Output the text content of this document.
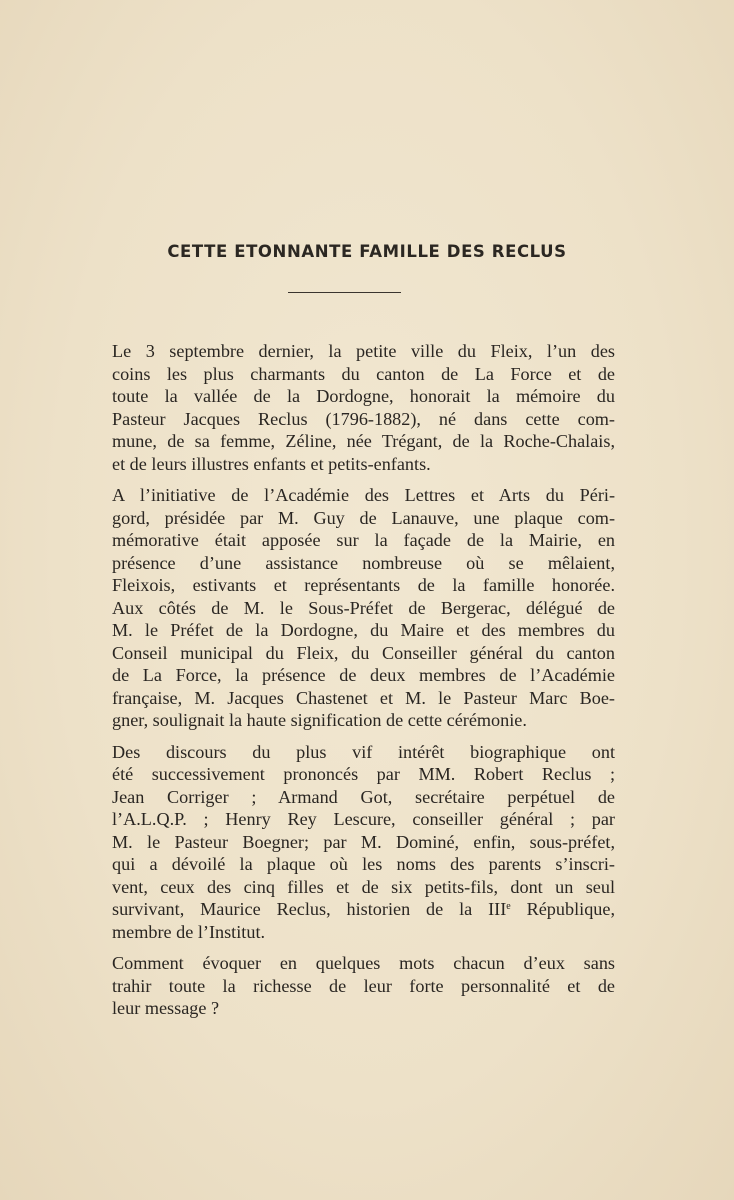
CETTE ETONNANTE FAMILLE DES RECLUS

Le 3 septembre dernier, la petite ville du Fleix, l’un des
coins les plus charmants du canton de La Force et de
toute la vallée de la Dordogne, honorait la mémoire du
Pasteur Jacques Reclus (1796-1882), né dans cette com-
mune, de sa femme, Zéline, née Trégant, de la Roche-Chalais,
et de leurs illustres enfants et petits-enfants.

A l’initiative de l’Académie des Lettres et Arts du Péri-
gord, présidée par M. Guy de Lanauve, une plaque com-
mémorative était apposée sur la façade de la Mairie, en
présence d’une assistance nombreuse où se mêlaient,
Fleixois, estivants et représentants de la famille honorée.
Aux côtés de M. le Sous-Préfet de Bergerac, délégué de
M. le Préfet de la Dordogne, du Maire et des membres du
Conseil municipal du Fleix, du Conseiller général du canton
de La Force, la présence de deux membres de l’Académie
française, M. Jacques Chastenet et M. le Pasteur Marc Boe-
gner, soulignait la haute signification de cette cérémonie.

Des discours du plus vif intérêt biographique ont
été successivement prononcés par MM. Robert Reclus ;
Jean Corriger ; Armand Got, secrétaire perpétuel de
l’A.L.Q.P. ; Henry Rey Lescure, conseiller général ; par
M. le Pasteur Boegner; par M. Dominé, enfin, sous-préfet,
qui a dévoilé la plaque où les noms des parents s’inscri-
vent, ceux des cinq filles et de six petits-fils, dont un seul
survivant, Maurice Reclus, historien de la IIIe République,
membre de l’Institut.

Comment évoquer en quelques mots chacun d’eux sans
trahir toute la richesse de leur forte personnalité et de
leur message ?
